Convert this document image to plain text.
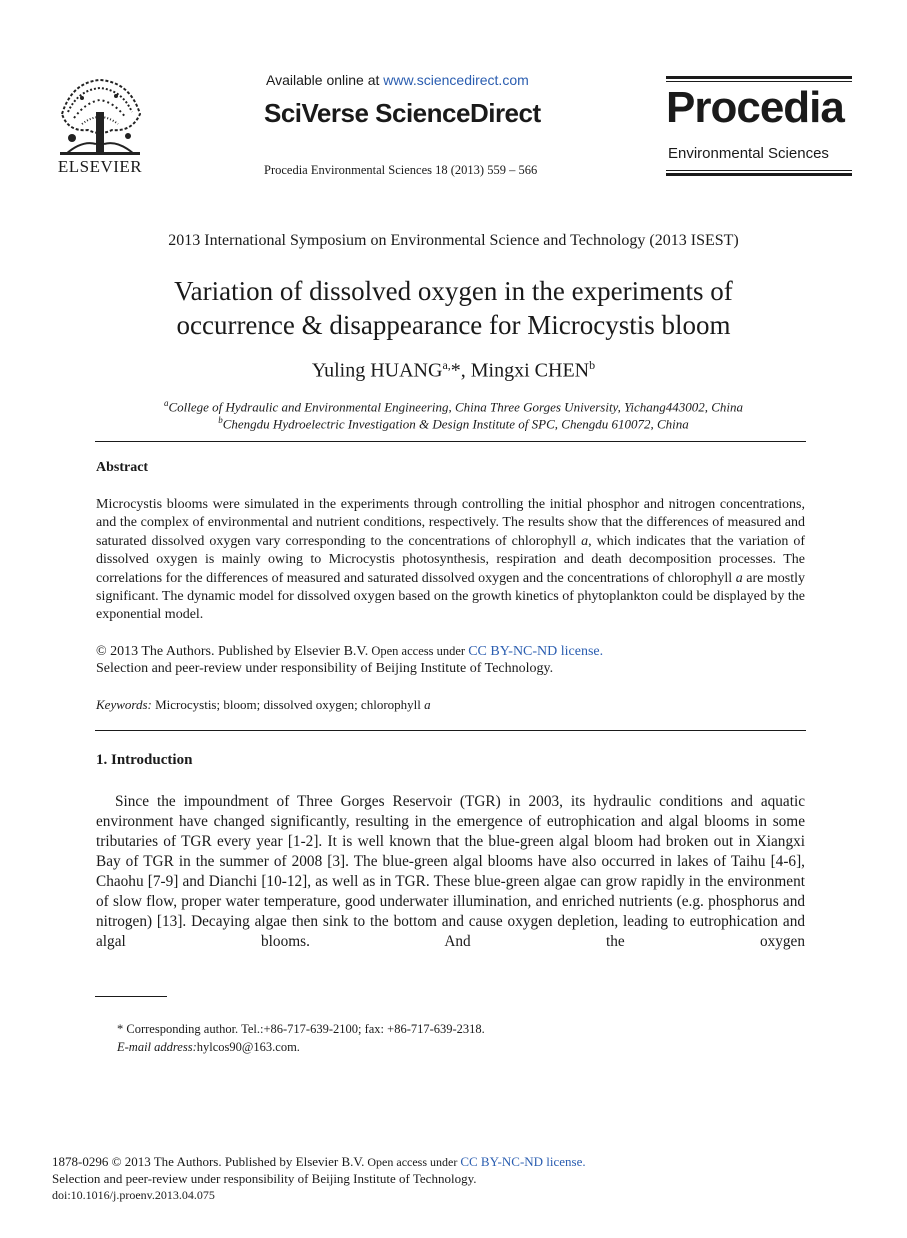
ELSEVIER
Available online at www.sciencedirect.com
SciVerse ScienceDirect
Procedia Environmental Sciences 18 (2013) 559 – 566
Procedia
Environmental Sciences
2013 International Symposium on Environmental Science and Technology (2013 ISEST)
Variation of dissolved oxygen in the experiments of
occurrence & disappearance for Microcystis bloom
Yuling $HUANG^{a,}*$, Mingxi CHEN$^b$
$^a$College of Hydraulic and Environmental Engineering, China Three Gorges University, Yichang443002, China
$^b$Chengdu Hydroelectric Investigation & Design Institute of SPC, Chengdu 610072, China
Abstract
Microcystis blooms were simulated in the experiments through controlling the initial phosphor and nitrogen concentrations, and the complex of environmental and nutrient conditions, respectively. The results show that the differences of measured and saturated dissolved oxygen vary corresponding to the concentrations of chlorophyll a, which indicates that the variation of dissolved oxygen is mainly owing to Microcystis photosynthesis, respiration and death decomposition processes. The correlations for the differences of measured and saturated dissolved oxygen and the concentrations of chlorophyll a are mostly significant. The dynamic model for dissolved oxygen based on the growth kinetics of phytoplankton could be displayed by the exponential model.
© 2013 The Authors. Published by Elsevier B.V. Open access under CC BY-NC-ND license.
Selection and peer-review under responsibility of Beijing Institute of Technology.
Keywords: Microcystis; bloom; dissolved oxygen; chlorophyll a
1. Introduction
Since the impoundment of Three Gorges Reservoir (TGR) in 2003, its hydraulic conditions and aquatic environment have changed significantly, resulting in the emergence of eutrophication and algal blooms in some tributaries of TGR every year [1-2]. It is well known that the blue-green algal bloom had broken out in Xiangxi Bay of TGR in the summer of 2008 [3]. The blue-green algal blooms have also occurred in lakes of Taihu [4-6], Chaohu [7-9] and Dianchi [10-12], as well as in TGR. These blue-green algae can grow rapidly in the environment of slow flow, proper water temperature, good underwater illumination, and enriched nutrients (e.g. phosphorus and nitrogen) [13]. Decaying algae then sink to the bottom and cause oxygen depletion, leading to eutrophication and algal blooms. And the oxygen
* Corresponding author. Tel.:+86-717-639-2100; fax: +86-717-639-2318.
E-mail address:hylcos90@163.com.
1878-0296 © 2013 The Authors. Published by Elsevier B.V. Open access under CC BY-NC-ND license.
Selection and peer-review under responsibility of Beijing Institute of Technology.
doi:10.1016/j.proenv.2013.04.075
